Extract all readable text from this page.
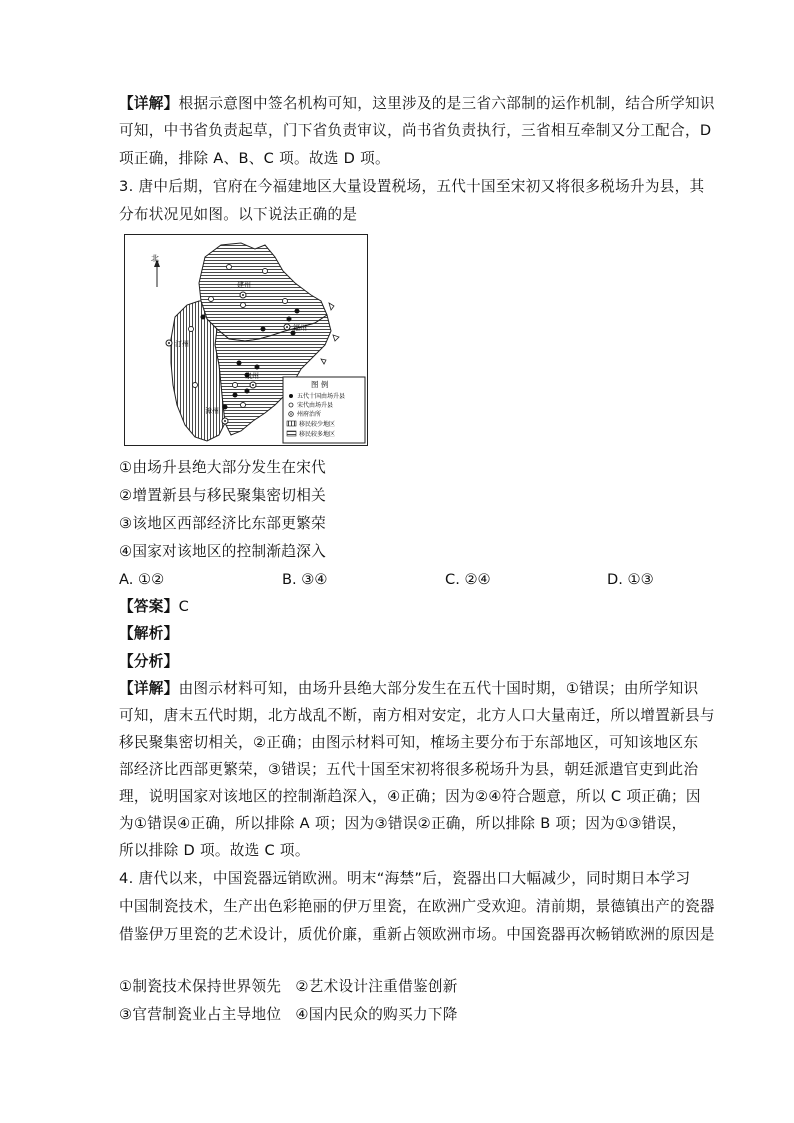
【详解】根据示意图中签名机构可知，这里涉及的是三省六部制的运作机制，结合所学知识
可知，中书省负责起草，门下省负责审议，尚书省负责执行，三省相互牵制又分工配合，D
项正确，排除 A、B、C 项。故选 D 项。
3. 唐中后期，官府在今福建地区大量设置税场，五代十国至宋初又将很多税场升为县，其
分布状况见如图。以下说法正确的是
北
建州
福州
汀州
泉州
漳州
图 例
五代十国由场升县
宋代由场升县
州府治所
移民较少地区
移民较多地区
①由场升县绝大部分发生在宋代
②增置新县与移民聚集密切相关
③该地区西部经济比东部更繁荣
④国家对该地区的控制渐趋深入
A. ①②	B. ③④	C. ②④	D. ①③
【答案】C
【解析】
【分析】
【详解】由图示材料可知，由场升县绝大部分发生在五代十国时期，①错误；由所学知识
可知，唐末五代时期，北方战乱不断，南方相对安定，北方人口大量南迁，所以增置新县与
移民聚集密切相关，②正确；由图示材料可知，榷场主要分布于东部地区，可知该地区东
部经济比西部更繁荣，③错误；五代十国至宋初将很多税场升为县，朝廷派遣官吏到此治
理，说明国家对该地区的控制渐趋深入，④正确；因为②④符合题意，所以 C 项正确；因
为①错误④正确，所以排除 A 项；因为③错误②正确，所以排除 B 项；因为①③错误，
所以排除 D 项。故选 C 项。
4. 唐代以来，中国瓷器远销欧洲。明末“海禁”后，瓷器出口大幅减少，同时期日本学习
中国制瓷技术，生产出色彩艳丽的伊万里瓷，在欧洲广受欢迎。清前期，景德镇出产的瓷器
借鉴伊万里瓷的艺术设计，质优价廉，重新占领欧洲市场。中国瓷器再次畅销欧洲的原因是
①制瓷技术保持世界领先 ②艺术设计注重借鉴创新
③官营制瓷业占主导地位 ④国内民众的购买力下降
